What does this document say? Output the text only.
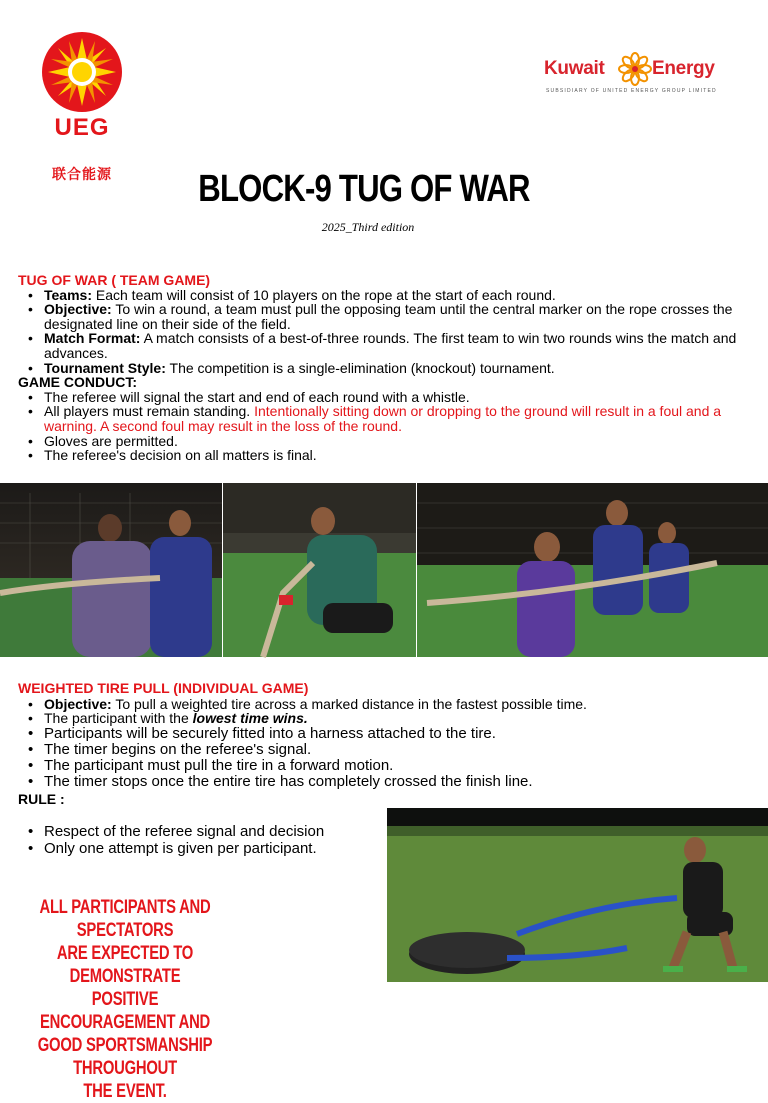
UEG
联合能源
Kuwait	Energy
SUBSIDIARY OF UNITED ENERGY GROUP LIMITED
BLOCK-9 TUG OF WAR
2025_Third edition
TUG OF WAR ( TEAM GAME)
• Teams: Each team will consist of 10 players on the rope at the start of each round.
• Objective: To win a round, a team must pull the opposing team until the central marker on the rope crosses the designated line on their side of the field.
• Match Format: A match consists of a best-of-three rounds. The first team to win two rounds wins the match and advances.
• Tournament Style: The competition is a single-elimination (knockout) tournament.
GAME CONDUCT:
• The referee will signal the start and end of each round with a whistle.
• All players must remain standing. Intentionally sitting down or dropping to the ground will result in a foul and a warning. A second foul may result in the loss of the round.
• Gloves are permitted.
• The referee's decision on all matters is final.
WEIGHTED TIRE PULL (INDIVIDUAL GAME)
• Objective: To pull a weighted tire across a marked distance in the fastest possible time.
• The participant with the lowest time wins.
• Participants will be securely fitted into a harness attached to the tire.
• The timer begins on the referee's signal.
• The participant must pull the tire in a forward motion.
• The timer stops once the entire tire has completely crossed the finish line.
RULE :
• Respect of the referee signal and decision
• Only one attempt is given per participant.
ALL PARTICIPANTS AND SPECTATORS
ARE EXPECTED TO DEMONSTRATE
POSITIVE ENCOURAGEMENT AND
GOOD SPORTSMANSHIP THROUGHOUT
THE EVENT.
